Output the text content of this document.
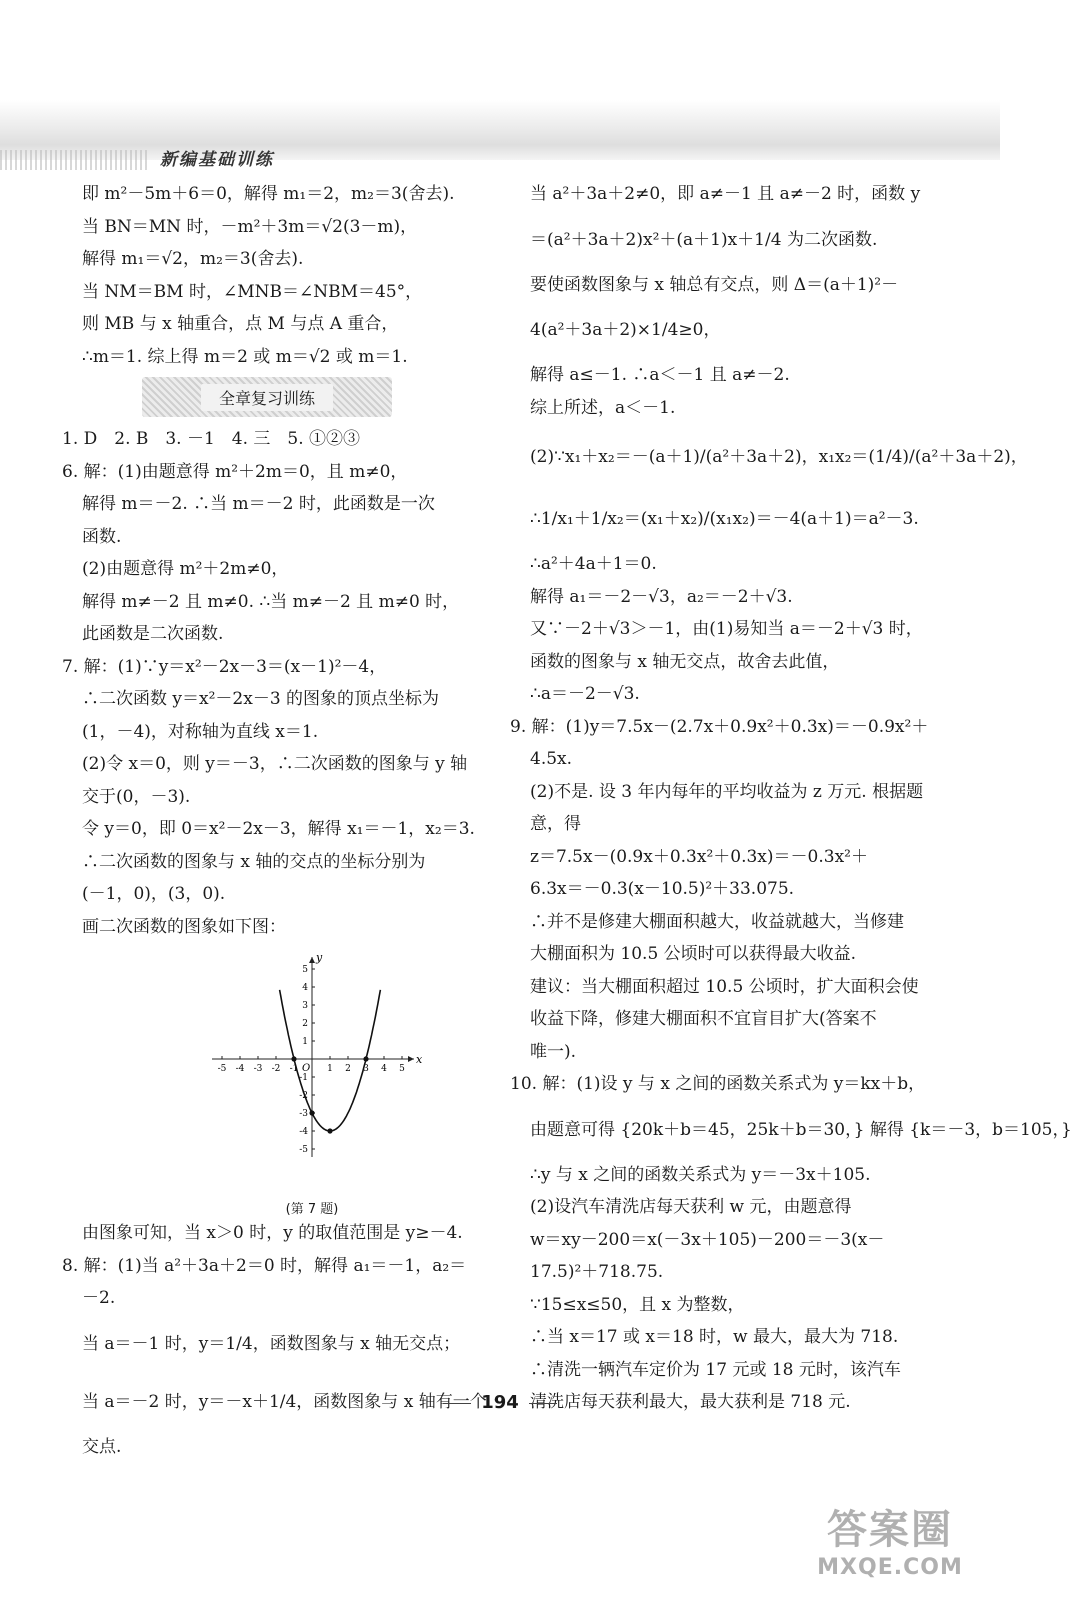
新编基础训练
即 m²－5m＋6＝0，解得 m₁＝2，m₂＝3(舍去).
当 BN＝MN 时，－m²＋3m＝√2(3－m)，
解得 m₁＝√2，m₂＝3(舍去).
当 NM＝BM 时，∠MNB＝∠NBM＝45°，
则 MB 与 x 轴重合，点 M 与点 A 重合，
∴m＝1. 综上得 m＝2 或 m＝√2 或 m＝1.
全章复习训练
1. D　2. B　3. －1　4. 三　5. ①②③
6. 解：(1)由题意得 m²＋2m＝0，且 m≠0，
解得 m＝－2. ∴当 m＝－2 时，此函数是一次
函数.
(2)由题意得 m²＋2m≠0，
解得 m≠－2 且 m≠0. ∴当 m≠－2 且 m≠0 时，
此函数是二次函数.
7. 解：(1)∵y＝x²－2x－3＝(x－1)²－4，
∴二次函数 y＝x²－2x－3 的图象的顶点坐标为
(1，－4)，对称轴为直线 x＝1.
(2)令 x＝0，则 y＝－3，∴二次函数的图象与 y 轴
交于(0，－3).
令 y＝0，即 0＝x²－2x－3，解得 x₁＝－1，x₂＝3.
∴二次函数的图象与 x 轴的交点的坐标分别为
(－1，0)，(3，0).
画二次函数的图象如下图：
x
y
O
-5 -4 -3 -2 -1	1 2 3 4 5
5
4
3
2
1
-1
-2
-3
-4
-5
(第 7 题)
由图象可知，当 x＞0 时，y 的取值范围是 y≥－4.
8. 解：(1)当 a²＋3a＋2＝0 时，解得 a₁＝－1，a₂＝
－2.
当 a＝－1 时，y＝1/4，函数图象与 x 轴无交点；
当 a＝－2 时，y＝－x＋1/4，函数图象与 x 轴有一个
交点.
当 a²＋3a＋2≠0，即 a≠－1 且 a≠－2 时，函数 y
＝(a²＋3a＋2)x²＋(a＋1)x＋1/4 为二次函数.
要使函数图象与 x 轴总有交点，则 Δ＝(a＋1)²－
4(a²＋3a＋2)×1/4≥0，
解得 a≤－1. ∴a＜－1 且 a≠－2.
综上所述，a＜－1.
(2)∵x₁＋x₂＝－(a＋1)/(a²＋3a＋2)，x₁x₂＝(1/4)/(a²＋3a＋2)，
∴1/x₁＋1/x₂＝(x₁＋x₂)/(x₁x₂)＝－4(a＋1)＝a²－3.
∴a²＋4a＋1＝0.
解得 a₁＝－2－√3，a₂＝－2＋√3.
又∵－2＋√3＞－1，由(1)易知当 a＝－2＋√3 时，
函数的图象与 x 轴无交点，故舍去此值，
∴a＝－2－√3.
9. 解：(1)y＝7.5x－(2.7x＋0.9x²＋0.3x)＝－0.9x²＋
4.5x.
(2)不是. 设 3 年内每年的平均收益为 z 万元. 根据题
意，得
z＝7.5x－(0.9x＋0.3x²＋0.3x)＝－0.3x²＋
6.3x＝－0.3(x－10.5)²＋33.075.
∴并不是修建大棚面积越大，收益就越大，当修建
大棚面积为 10.5 公顷时可以获得最大收益.
建议：当大棚面积超过 10.5 公顷时，扩大面积会使
收益下降，修建大棚面积不宜盲目扩大(答案不
唯一).
10. 解：(1)设 y 与 x 之间的函数关系式为 y＝kx＋b，
由题意可得 {20k＋b＝45，25k＋b＝30，} 解得 {k＝－3，b＝105，}
∴y 与 x 之间的函数关系式为 y＝－3x＋105.
(2)设汽车清洗店每天获利 w 元，由题意得
w＝xy－200＝x(－3x＋105)－200＝－3(x－
17.5)²＋718.75.
∵15≤x≤50，且 x 为整数，
∴当 x＝17 或 x＝18 时，w 最大，最大为 718.
∴清洗一辆汽车定价为 17 元或 18 元时，该汽车
清洗店每天获利最大，最大获利是 718 元.
194
答案圈
MXQE.COM
